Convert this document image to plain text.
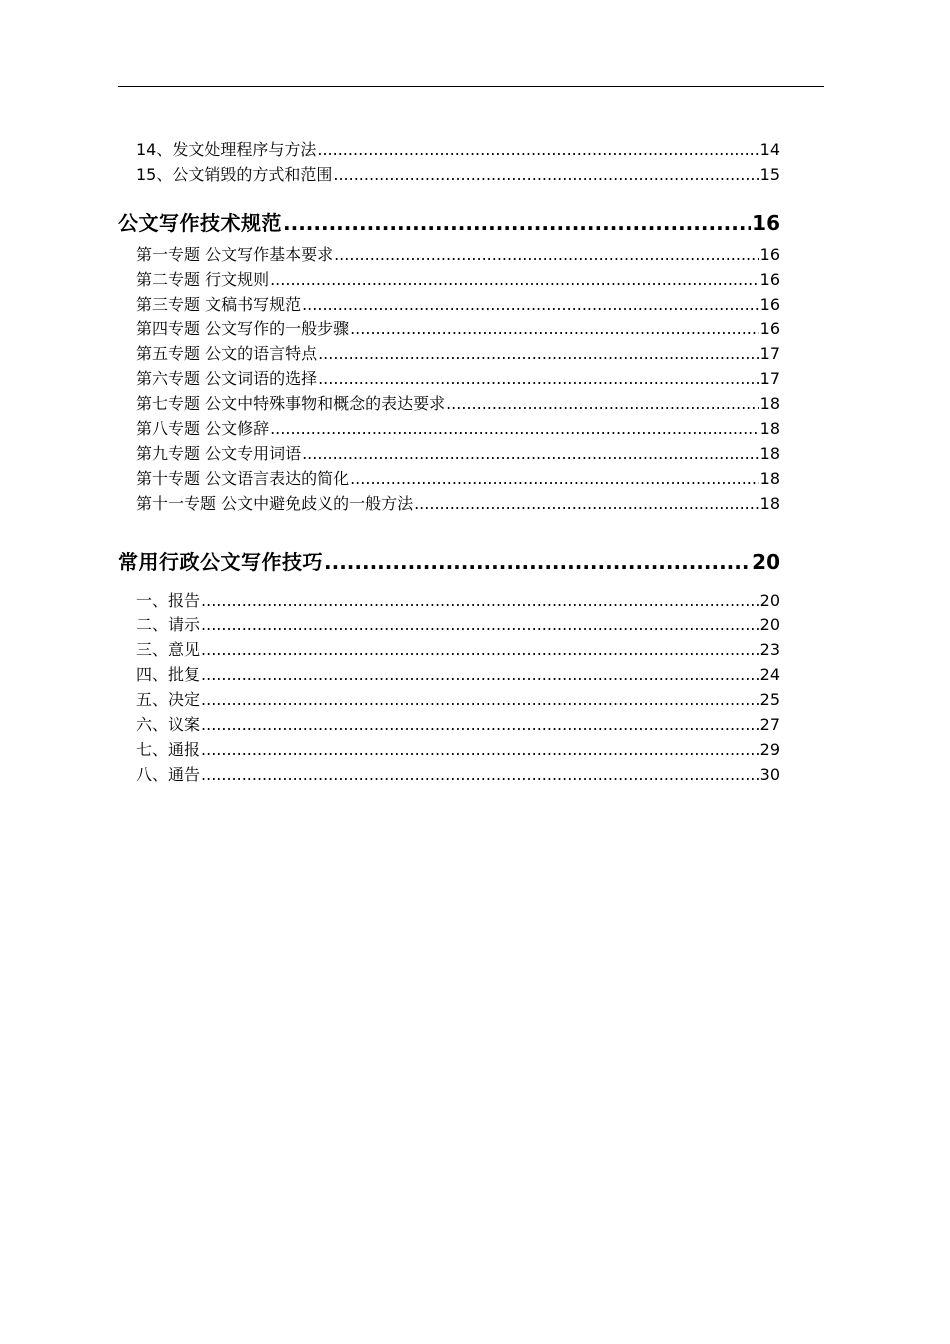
14、发文处理程序与方法 .....	14
15、公文销毁的方式和范围 .....	15
公文写作技术规范 .....	16
第一专题 公文写作基本要求 .....	16
第二专题 行文规则 .....	16
第三专题 文稿书写规范 .....	16
第四专题 公文写作的一般步骤 .....	16
第五专题 公文的语言特点 .....	17
第六专题 公文词语的选择 .....	17
第七专题 公文中特殊事物和概念的表达要求 .....	18
第八专题 公文修辞 .....	18
第九专题 公文专用词语 .....	18
第十专题 公文语言表达的简化 .....	18
第十一专题 公文中避免歧义的一般方法 .....	18
常用行政公文写作技巧 .....	20
一、报告 .....	20
二、请示 .....	20
三、意见 .....	23
四、批复 .....	24
五、决定 .....	25
六、议案 .....	27
七、通报 .....	29
八、通告 .....	30
